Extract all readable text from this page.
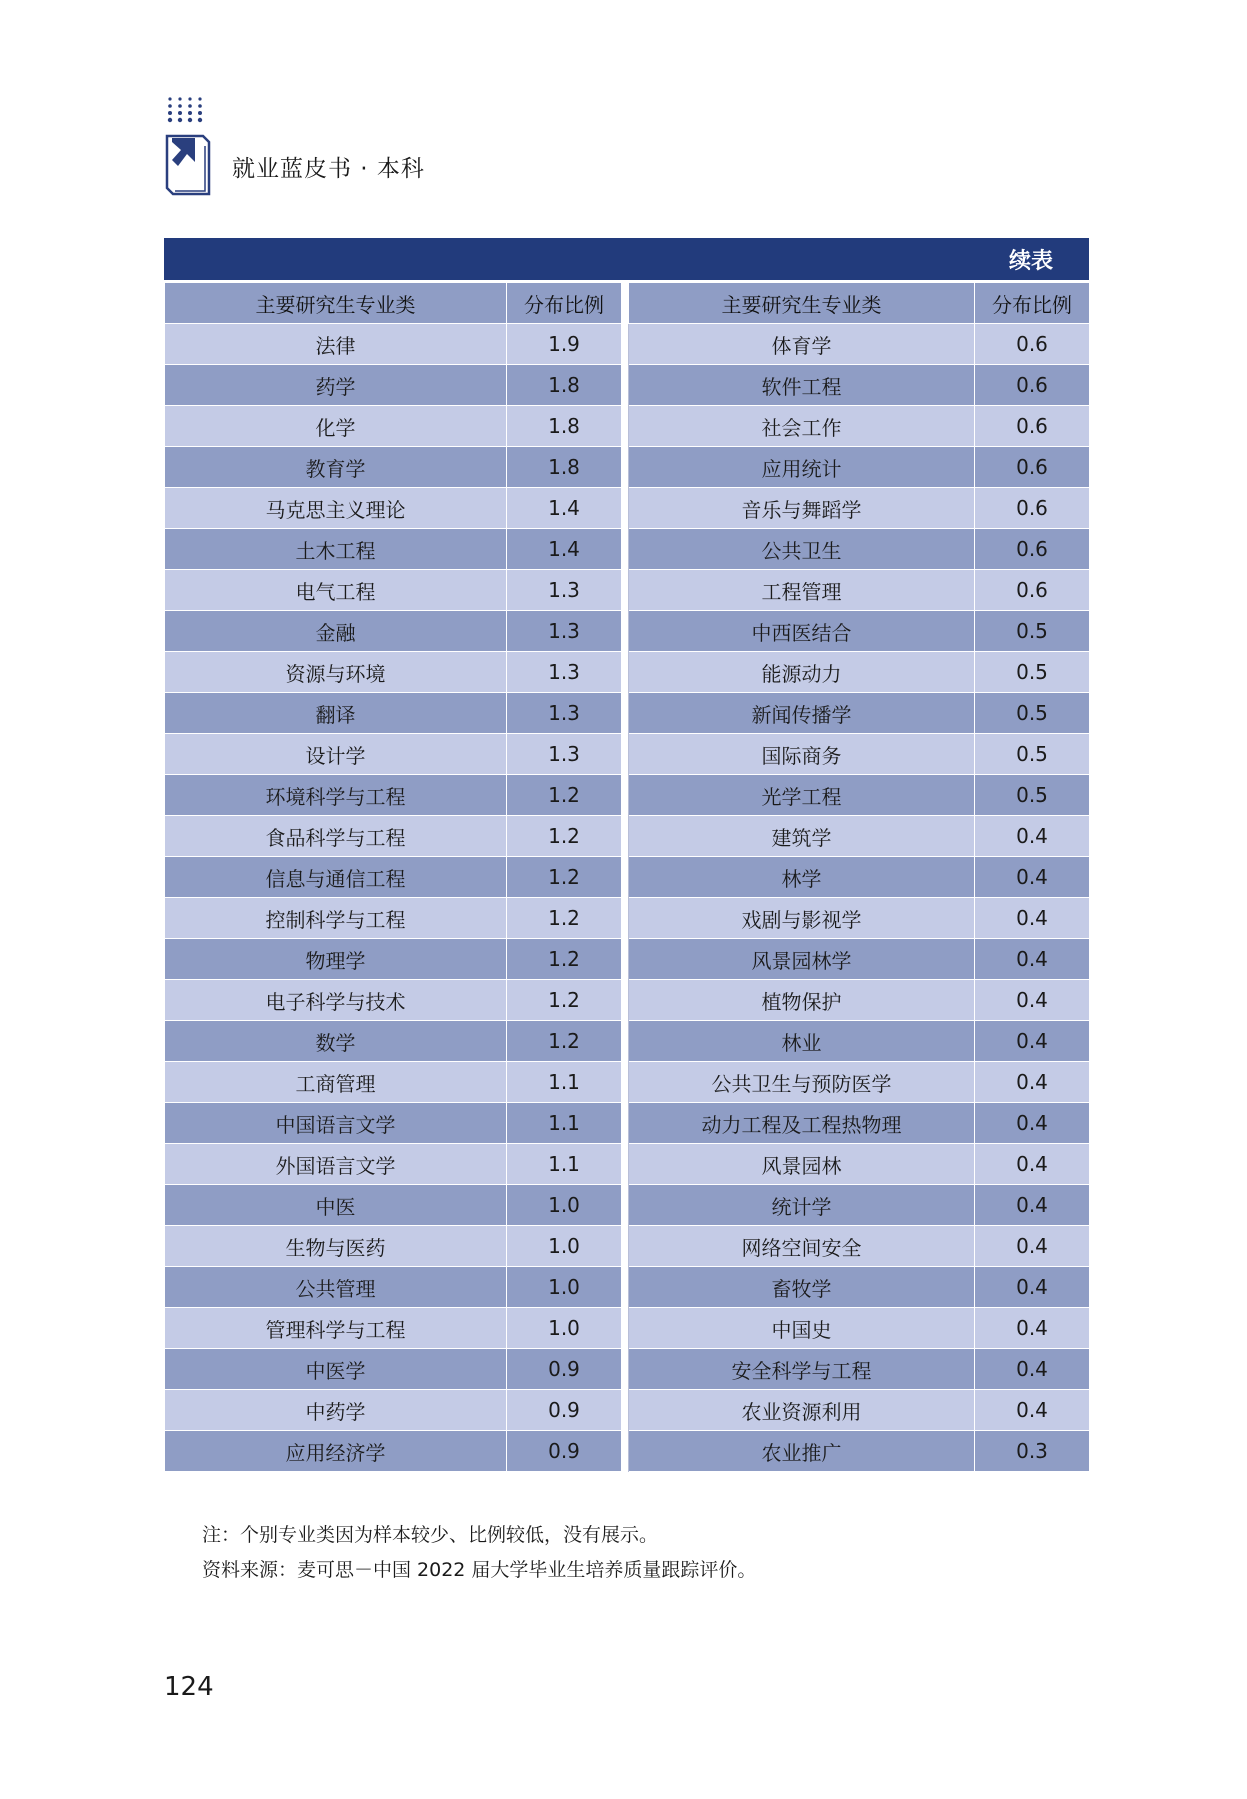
就业蓝皮书 · 本科
续表
主要研究生专业类	分布比例		主要研究生专业类	分布比例
法律	1.9		体育学	0.6
药学	1.8		软件工程	0.6
化学	1.8		社会工作	0.6
教育学	1.8		应用统计	0.6
马克思主义理论	1.4		音乐与舞蹈学	0.6
土木工程	1.4		公共卫生	0.6
电气工程	1.3		工程管理	0.6
金融	1.3		中西医结合	0.5
资源与环境	1.3		能源动力	0.5
翻译	1.3		新闻传播学	0.5
设计学	1.3		国际商务	0.5
环境科学与工程	1.2		光学工程	0.5
食品科学与工程	1.2		建筑学	0.4
信息与通信工程	1.2		林学	0.4
控制科学与工程	1.2		戏剧与影视学	0.4
物理学	1.2		风景园林学	0.4
电子科学与技术	1.2		植物保护	0.4
数学	1.2		林业	0.4
工商管理	1.1		公共卫生与预防医学	0.4
中国语言文学	1.1		动力工程及工程热物理	0.4
外国语言文学	1.1		风景园林	0.4
中医	1.0		统计学	0.4
生物与医药	1.0		网络空间安全	0.4
公共管理	1.0		畜牧学	0.4
管理科学与工程	1.0		中国史	0.4
中医学	0.9		安全科学与工程	0.4
中药学	0.9		农业资源利用	0.4
应用经济学	0.9		农业推广	0.3
注：个别专业类因为样本较少、比例较低，没有展示。
资料来源：麦可思－中国 2022 届大学毕业生培养质量跟踪评价。
124
